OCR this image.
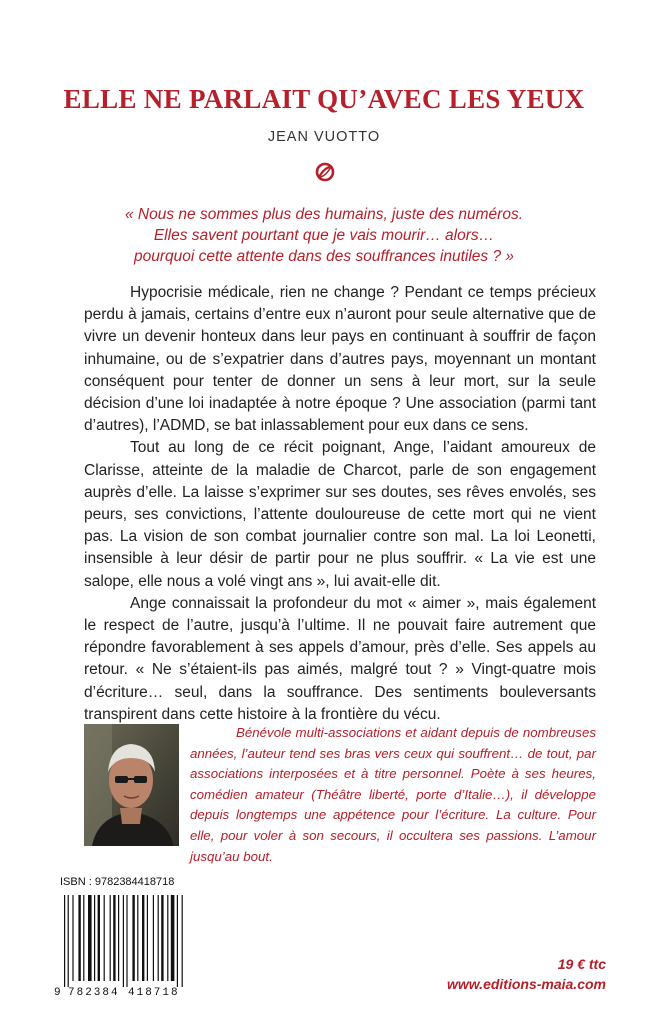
ELLE NE PARLAIT QU’AVEC LES YEUX
JEAN VUOTTO
« Nous ne sommes plus des humains, juste des numéros.
Elles savent pourtant que je vais mourir… alors…
pourquoi cette attente dans des souffrances inutiles ? »

Hypocrisie médicale, rien ne change ? Pendant ce temps précieux perdu à jamais, certains d’entre eux n’auront pour seule alternative que de vivre un devenir honteux dans leur pays en continuant à souffrir de façon inhumaine, ou de s’expatrier dans d’autres pays, moyennant un montant conséquent pour tenter de donner un sens à leur mort, sur la seule décision d’une loi inadaptée à notre époque ? Une association (parmi tant d’autres), l’ADMD, se bat inlassablement pour eux dans ce sens.

Tout au long de ce récit poignant, Ange, l’aidant amoureux de Clarisse, atteinte de la maladie de Charcot, parle de son engagement auprès d’elle. La laisse s’exprimer sur ses doutes, ses rêves envolés, ses peurs, ses convictions, l’attente douloureuse de cette mort qui ne vient pas. La vision de son combat journalier contre son mal. La loi Leonetti, insensible à leur désir de partir pour ne plus souffrir. « La vie est une salope, elle nous a volé vingt ans », lui avait-elle dit.

Ange connaissait la profondeur du mot « aimer », mais également le respect de l’autre, jusqu’à l’ultime. Il ne pouvait faire autrement que répondre favorablement à ses appels d’amour, près d’elle. Ses appels au retour. « Ne s’étaient-ils pas aimés, malgré tout ? » Vingt-quatre mois d’écriture… seul, dans la souffrance. Des sentiments bouleversants transpirent dans cette histoire à la frontière du vécu.

Bénévole multi-associations et aidant depuis de nombreuses années, l’auteur tend ses bras vers ceux qui souffrent… de tout, par associations interposées et à titre personnel. Poète à ses heures, comédien amateur (Théâtre liberté, porte d’Italie…), il développe depuis longtemps une appétence pour l’écriture. La culture. Pour elle, pour voler à son secours, il occultera ses passions. L’amour jusqu’au bout.

ISBN : 9782384418718
9 782384 418718
19 € ttc
www.editions-maia.com
